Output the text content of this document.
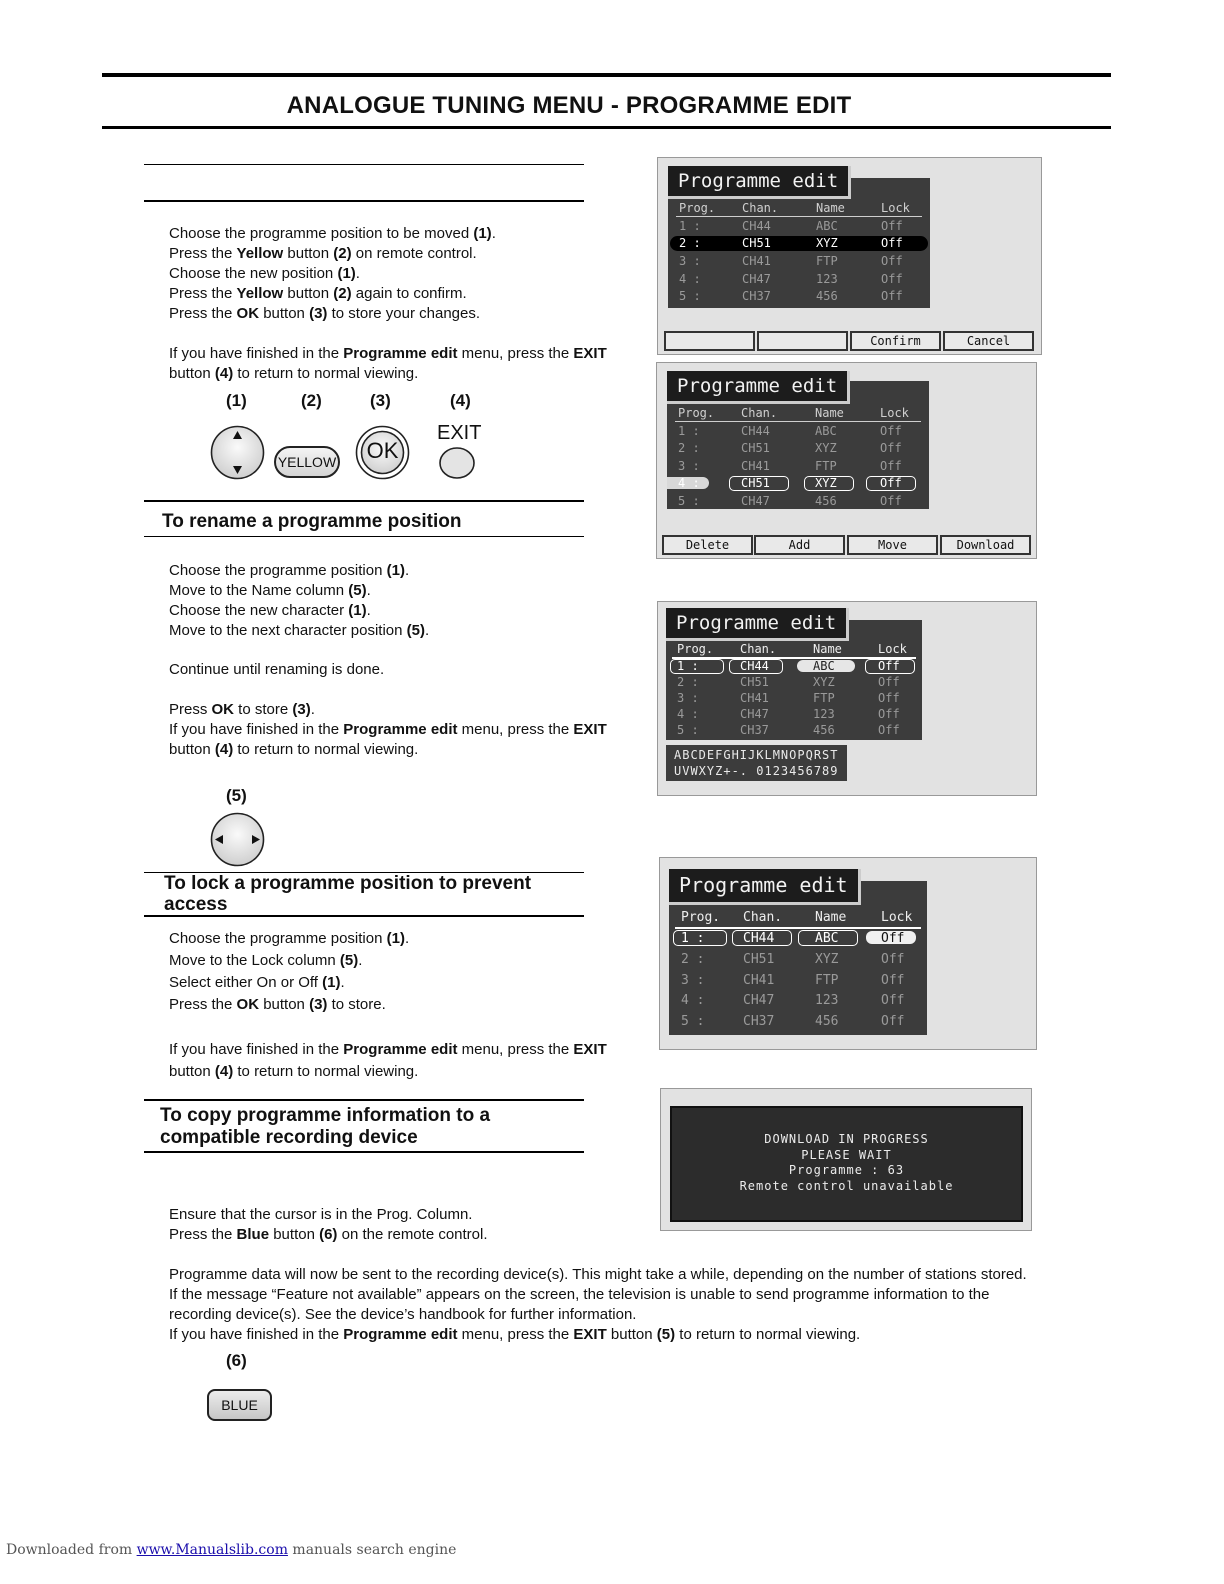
ANALOGUE TUNING MENU - PROGRAMME EDIT
Choose the programme position to be moved (1).
Press the Yellow button (2) on remote control.
Choose the new position (1).
Press the Yellow button (2) again to confirm.
Press the OK button (3) to store your changes.
If you have finished in the Programme edit menu, press the EXIT
button (4) to return to normal viewing.
(1)	(2)	(3)	(4)
YELLOW	OK
EXIT
To rename a programme position
Choose the programme position (1).
Move to the Name column (5).
Choose the new character (1).
Move to the next character position (5).
Continue until renaming is done.
Press OK to store (3).
If you have finished in the Programme edit menu, press the EXIT
button (4) to return to normal viewing.
(5)
To lock a programme position to prevent
access
Choose the programme position (1).
Move to the Lock column (5).
Select either On or Off (1).
Press the OK button (3) to store.
If you have finished in the Programme edit menu, press the EXIT
button (4) to return to normal viewing.
To copy programme information to a
compatible recording device
Ensure that the cursor is in the Prog. Column.
Press the Blue button (6) on the remote control.
Programme data will now be sent to the recording device(s). This might take a while, depending on the number of stations stored.
If the message “Feature not available” appears on the screen, the television is unable to send programme information to the
recording device(s). See the device’s handbook for further information.
If you have finished in the Programme edit menu, press the EXIT button (5) to return to normal viewing.
(6)
BLUE
Prog. Chan.	Name	Lock
1 :	CH44	ABC	Off
2 :	CH51	XYZ	Off
3 :	CH41	FTP	Off
4 :	CH47	123	Off
5 :	CH37	456	Off
Programme edit
Confirm	Cancel
Prog. Chan.	Name	Lock
1 :	CH44	ABC	Off
2 :	CH51	XYZ	Off
3 :	CH41	FTP	Off
4 :	CH51	XYZ	Off
5 :	CH47	456	Off
Programme edit
Delete	Add	Move	Download
Prog. Chan.	Name	Lock
1 :	CH44	ABC	Off
2 :	CH51	XYZ	Off
3 :	CH41	FTP	Off
4 :	CH47	123	Off
5 :	CH37	456	Off
Programme edit
ABCDEFGHIJKLMNOPQRST
UVWXYZ+-. 0123456789
Prog. Chan.	Name	Lock
1 :	CH44	ABC	Off
2 :	CH51	XYZ	Off
3 :	CH41	FTP	Off
4 :	CH47	123	Off
5 :	CH37	456	Off
Programme edit
DOWNLOAD IN PROGRESS
PLEASE WAIT
Programme : 63
Remote control unavailable
Downloaded from www.Manualslib.com manuals search engine
